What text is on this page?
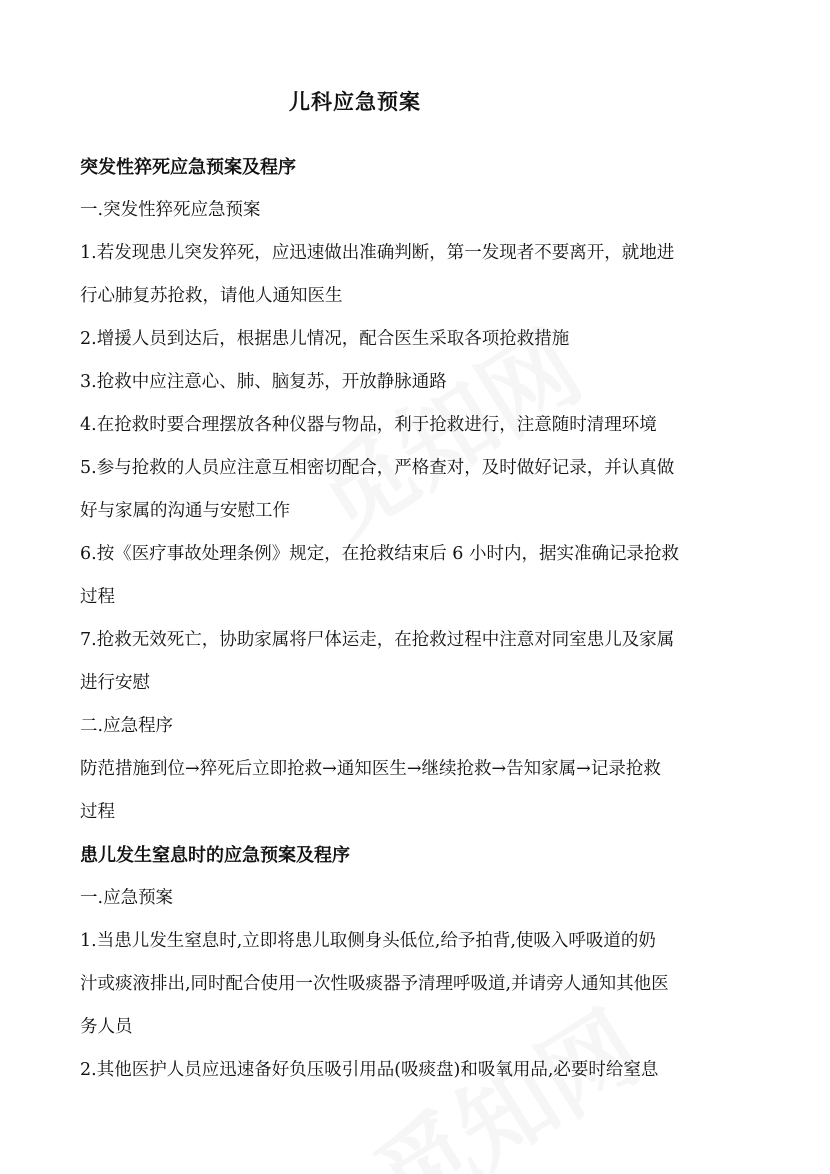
儿科应急预案
突发性猝死应急预案及程序
一.突发性猝死应急预案
1.若发现患儿突发猝死，应迅速做出准确判断，第一发现者不要离开，就地进
行心肺复苏抢救，请他人通知医生
2.增援人员到达后，根据患儿情况，配合医生采取各项抢救措施
3.抢救中应注意心、肺、脑复苏，开放静脉通路
4.在抢救时要合理摆放各种仪器与物品，利于抢救进行，注意随时清理环境
5.参与抢救的人员应注意互相密切配合，严格查对，及时做好记录，并认真做
好与家属的沟通与安慰工作
6.按《医疗事故处理条例》规定，在抢救结束后 6 小时内，据实准确记录抢救
过程
7.抢救无效死亡，协助家属将尸体运走，在抢救过程中注意对同室患儿及家属
进行安慰
二.应急程序
防范措施到位→猝死后立即抢救→通知医生→继续抢救→告知家属→记录抢救
过程
患儿发生窒息时的应急预案及程序
一.应急预案
1.当患儿发生窒息时,立即将患儿取侧身头低位,给予拍背,使吸入呼吸道的奶
汁或痰液排出,同时配合使用一次性吸痰器予清理呼吸道,并请旁人通知其他医
务人员
2.其他医护人员应迅速备好负压吸引用品(吸痰盘)和吸氧用品,必要时给窒息
